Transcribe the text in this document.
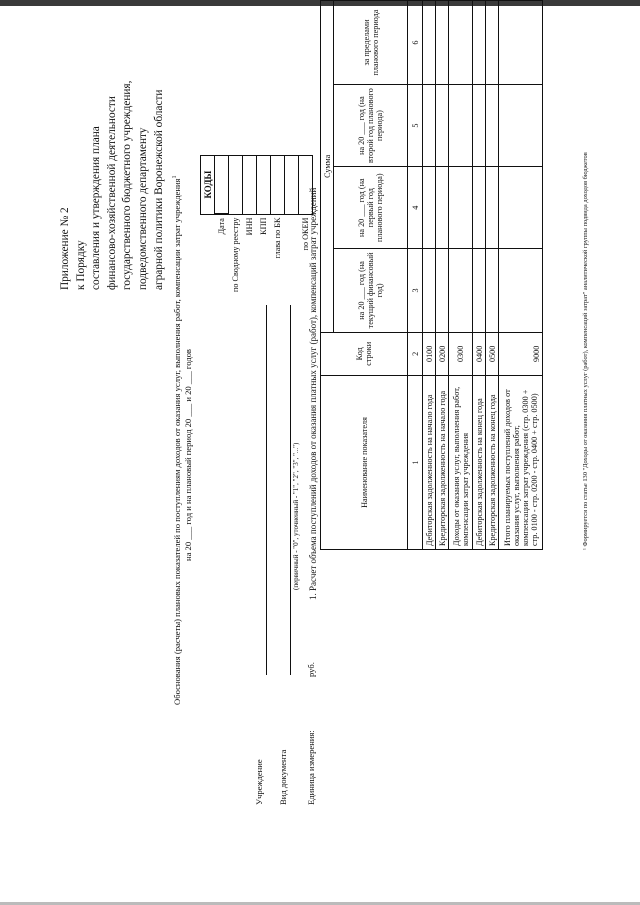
Приложение № 2 к Порядку составления и утверждения плана финансово-хозяйственной деятельности государственного бюджетного учреждения, подведомственного департаменту аграрной политики Воронежской области Обоснования (расчеты) плановых показателей по поступлениям доходов от оказания услуг, выполнения работ, компенсации затрат учреждения$^1$
на 20 ___ год и на плановый период 20 ___ и 20 ___ годов
	КОДЫ
Дата	
по Сводному реестру	
ИНН	
КПП	
глава по БК	

по ОКЕИ	
Учреждение Вид документа
(первичный - "0", уточненный - "1", "2", "3", "...")
Единица измерения:
руб.
1. Расчет объема поступлений доходов от оказания платных услуг (работ), компенсаций затрат учреждений	Наименование показателя	Код строки	Сумма			
		на 20 ___ год (на текущий финансовый год)	на 20 ___ год (на первый год планового периода)	на 20 ___ год (на второй год планового периода)	за пределами планового периода
1	2	3	4	5	6
Дебиторская задолженность на начало года	0100				
Кредиторская задолженность на начало года	0200				
Доходы от оказания услуг, выполнения работ, компенсации затрат учреждения	0300				
Дебиторская задолженность на конец года	0400				
Кредиторская задолженность на конец года	0500				
Итого планируемых поступлений доходов от оказания услуг, выполнения работ, компенсации затрат учреждения (стр. 0300 + стр. 0100 - стр. 0200 - стр. 0400 + стр. 0500)	9000					¹ Формируется по статье 130 "Доходы от оказания платных услуг (работ), компенсаций затрат" аналитической группы подвида доходов бюджетов
